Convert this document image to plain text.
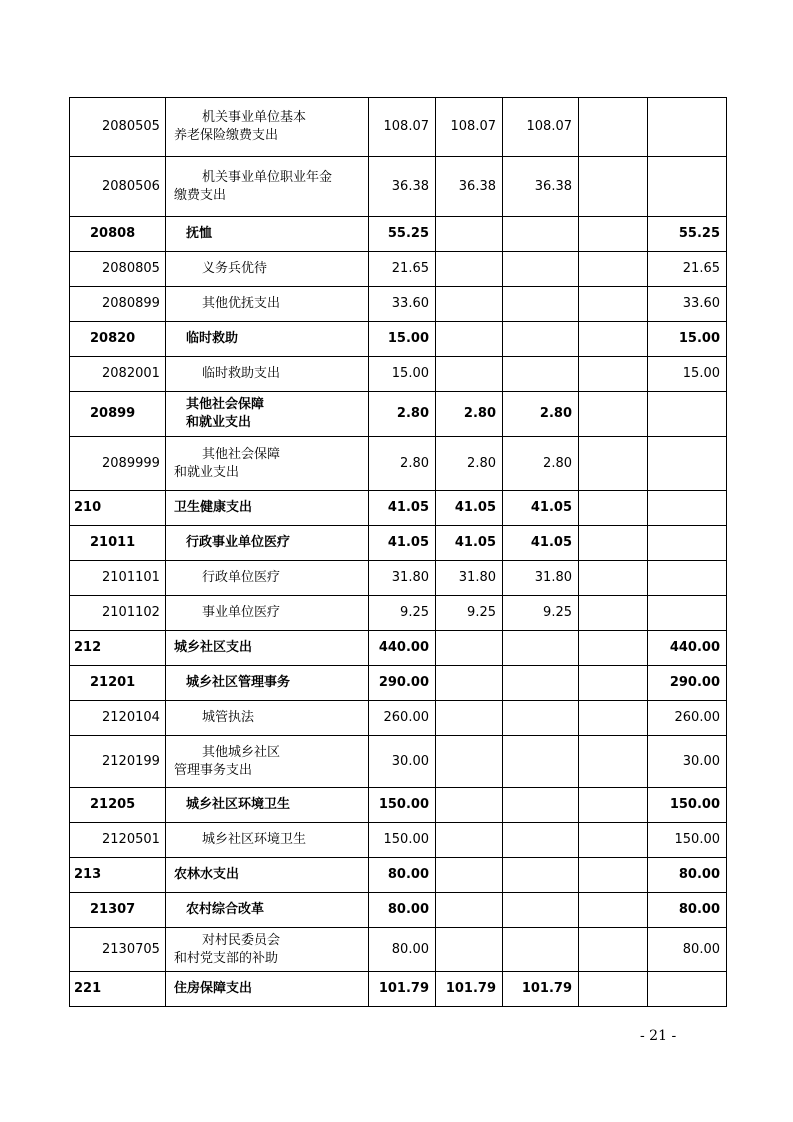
2080505	机关事业单位基本
养老保险缴费支出	108.07	108.07	108.07		
2080506	机关事业单位职业年金
缴费支出	36.38	36.38	36.38		
20808	抚恤	55.25				55.25
2080805	义务兵优待	21.65				21.65
2080899	其他优抚支出	33.60				33.60
20820	临时救助	15.00				15.00
2082001	临时救助支出	15.00				15.00
20899	其他社会保障
和就业支出	2.80	2.80	2.80		
2089999	其他社会保障
和就业支出	2.80	2.80	2.80		
210	卫生健康支出	41.05	41.05	41.05		
21011	行政事业单位医疗	41.05	41.05	41.05		
2101101	行政单位医疗	31.80	31.80	31.80		
2101102	事业单位医疗	9.25	9.25	9.25		
212	城乡社区支出	440.00				440.00
21201	城乡社区管理事务	290.00				290.00
2120104	城管执法	260.00				260.00
2120199	其他城乡社区
管理事务支出	30.00				30.00
21205	城乡社区环境卫生	150.00				150.00
2120501	城乡社区环境卫生	150.00				150.00
213	农林水支出	80.00				80.00
21307	农村综合改革	80.00				80.00
2130705	对村民委员会
和村党支部的补助	80.00				80.00
221	住房保障支出	101.79	101.79	101.79		
- 21 -
